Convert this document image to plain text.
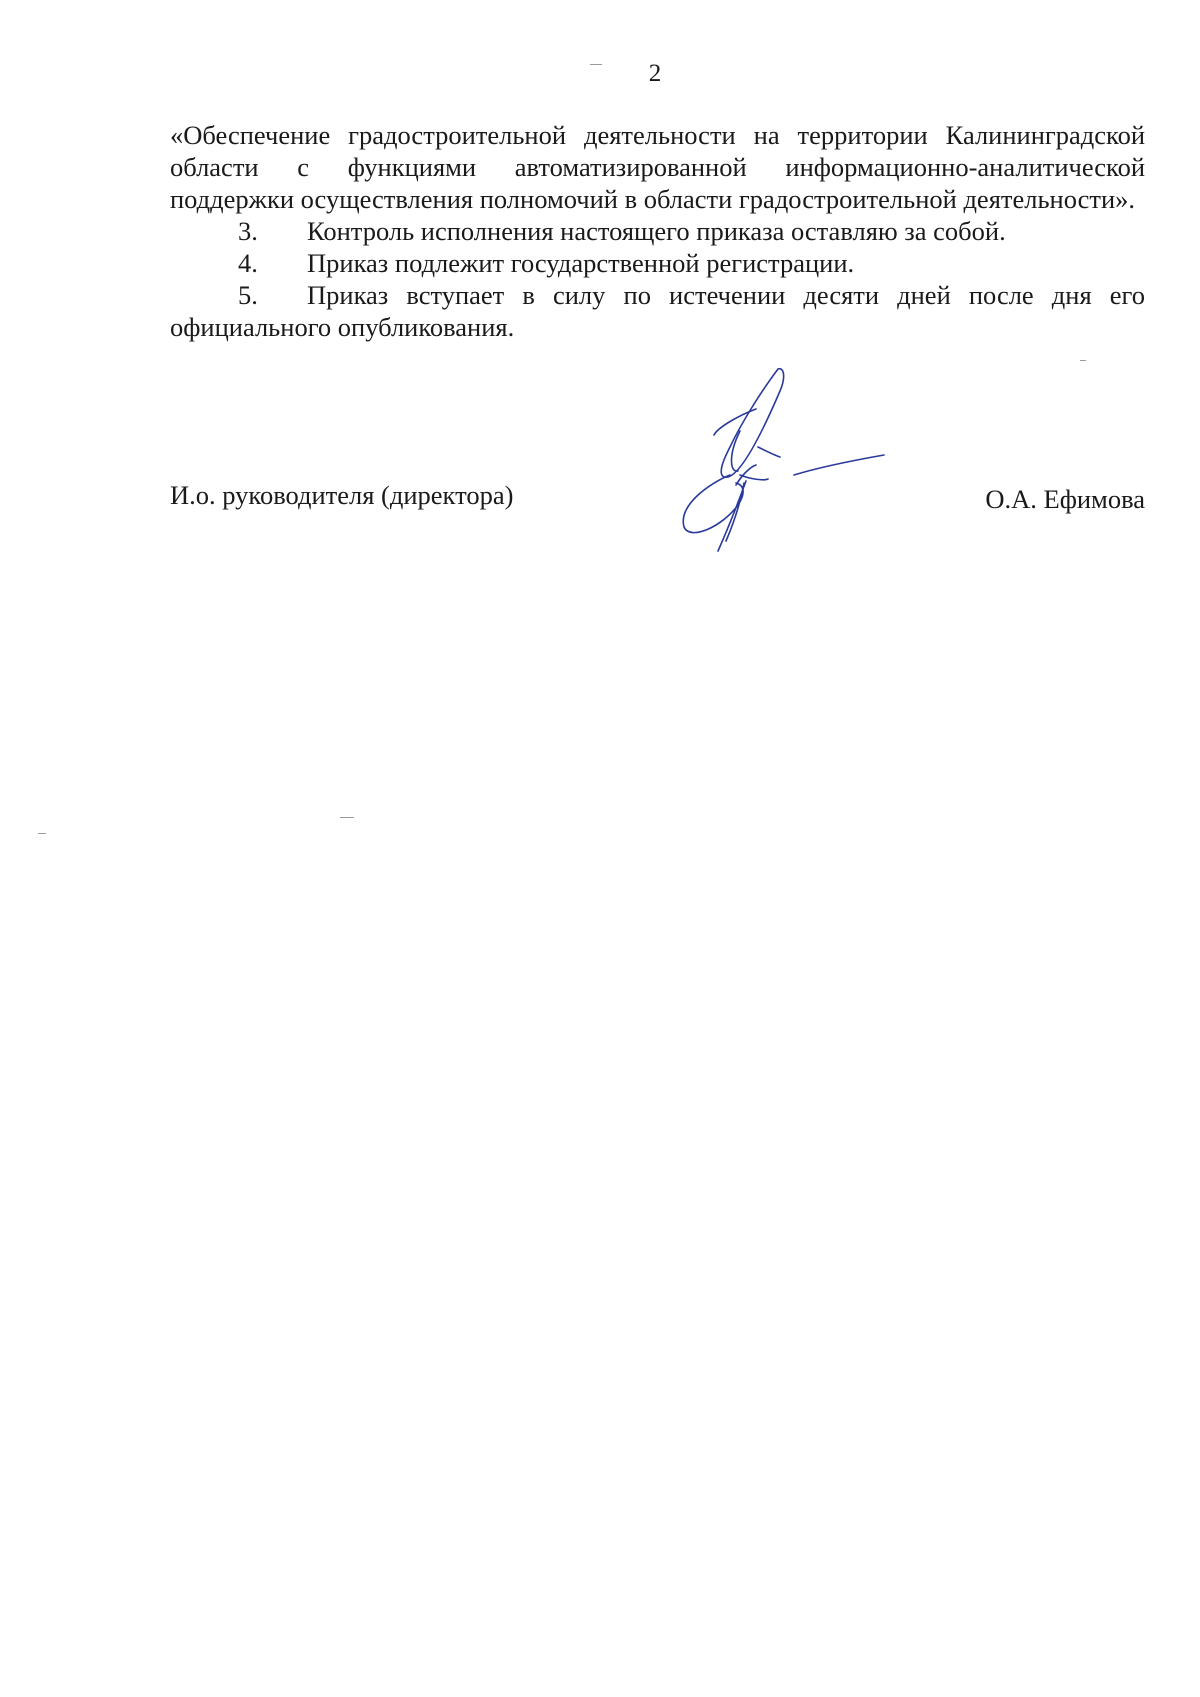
2

«Обеспечение градостроительной деятельности на территории Калининградской области с функциями автоматизированной информационно-аналитической поддержки осуществления полномочий в области градостроительной деятельности».

3.	Контроль исполнения настоящего приказа оставляю за собой.

4.	Приказ подлежит государственной регистрации.

5. Приказ вступает в силу по истечении десяти дней после дня его официального опубликования.

И.о. руководителя (директора)	О.А. Ефимова
